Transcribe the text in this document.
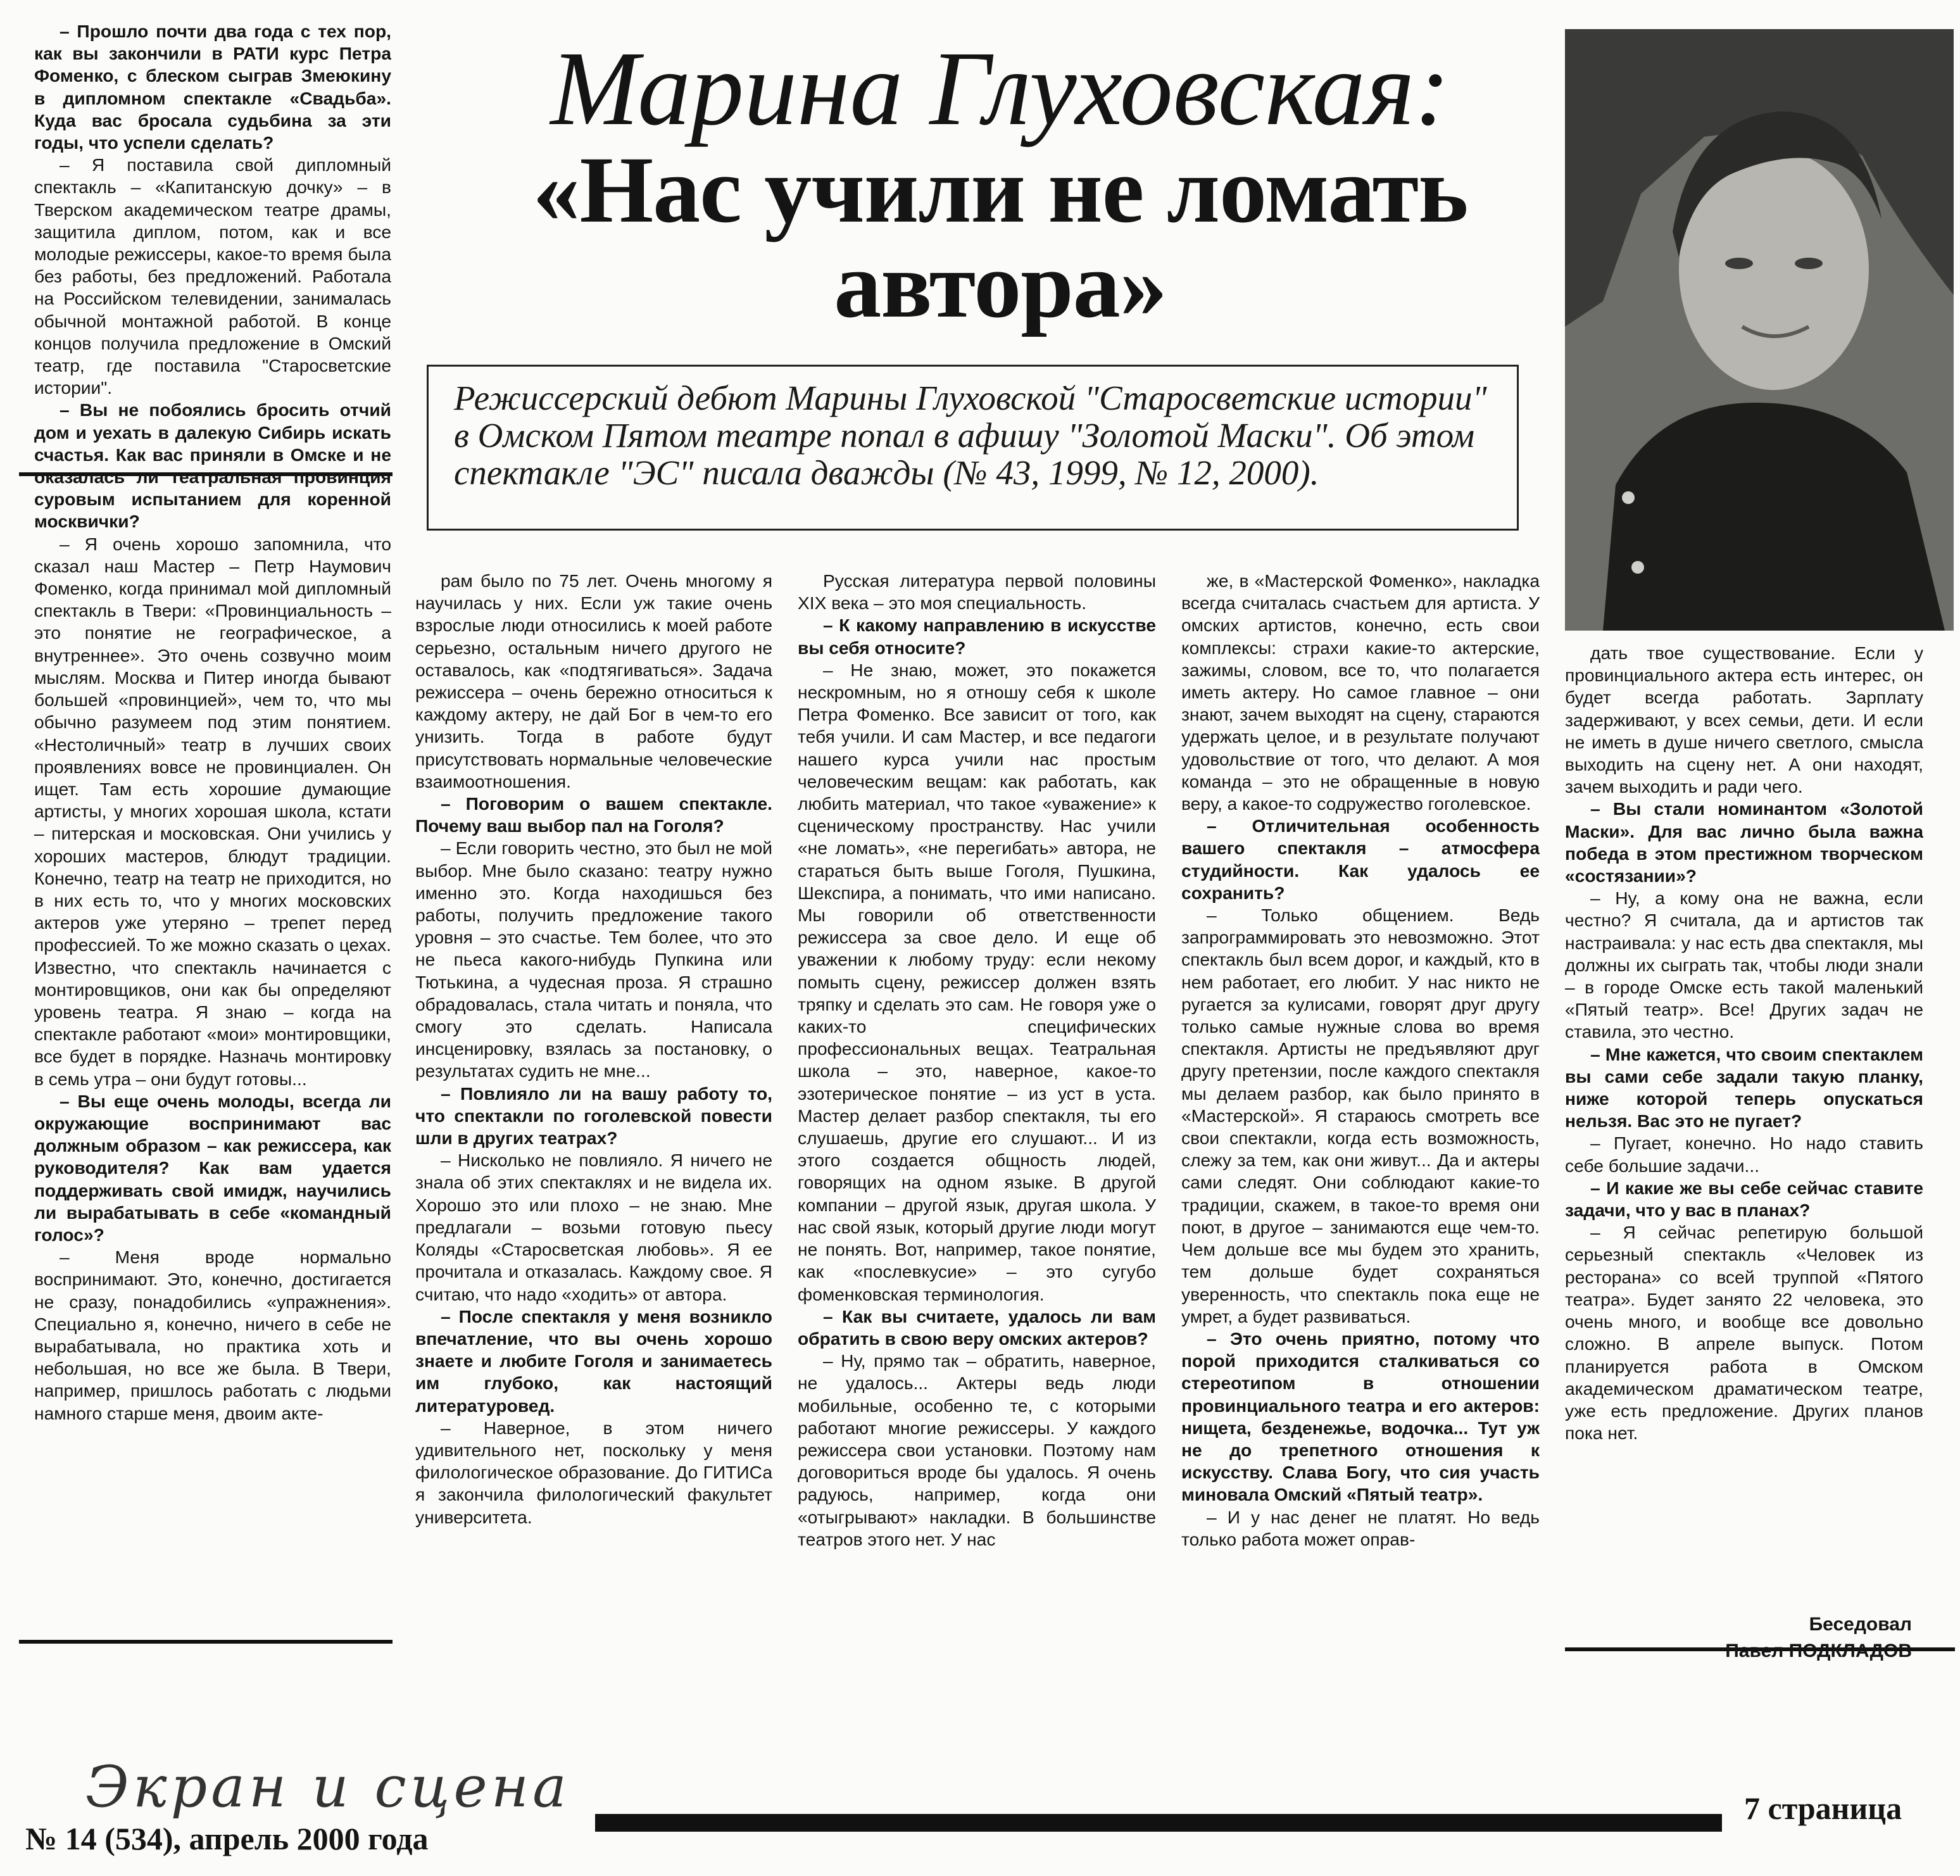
Марина Глуховская:
«Нас учили не ломать автора»
Режиссерский дебют Марины Глуховской "Старосветские истории" в Омском Пятом театре попал в афишу "Золотой Маски". Об этом спектакле "ЭС" писала дважды (№ 43, 1999, № 12, 2000).

– Прошло почти два года с тех пор, как вы закончили в РАТИ курс Петра Фоменко, с блеском сыграв Змеюкину в дипломном спектакле «Свадьба». Куда вас бросала судьбина за эти годы, что успели сделать?

– Я поставила свой дипломный спектакль – «Капитанскую дочку» – в Тверском академическом театре драмы, защитила диплом, потом, как и все молодые режиссеры, какое-то время была без работы, без предложений. Работала на Российском телевидении, занималась обычной монтажной работой. В конце концов получила предложение в Омский театр, где поставила "Старосветские истории".

– Вы не побоялись бросить отчий дом и уехать в далекую Сибирь искать счастья. Как вас приняли в Омске и не оказалась ли театральная провинция суровым испытанием для коренной москвички?

– Я очень хорошо запомнила, что сказал наш Мастер – Петр Наумович Фоменко, когда принимал мой дипломный спектакль в Твери: «Провинциальность – это понятие не географическое, а внутреннее». Это очень созвучно моим мыслям. Москва и Питер иногда бывают большей «провинцией», чем то, что мы обычно разумеем под этим понятием. «Нестоличный» театр в лучших своих проявлениях вовсе не провинциален. Он ищет. Там есть хорошие думающие артисты, у многих хорошая школа, кстати – питерская и московская. Они учились у хороших мастеров, блюдут традиции. Конечно, театр на театр не приходится, но в них есть то, что у многих московских актеров уже утеряно – трепет перед профессией. То же можно сказать о цехах. Известно, что спектакль начинается с монтировщиков, они как бы определяют уровень театра. Я знаю – когда на спектакле работают «мои» монтировщики, все будет в порядке. Назначь монтировку в семь утра – они будут готовы...

– Вы еще очень молоды, всегда ли окружающие воспринимают вас должным образом – как режиссера, как руководителя? Как вам удается поддерживать свой имидж, научились ли вырабатывать в себе «командный голос»?

– Меня вроде нормально воспринимают. Это, конечно, достигается не сразу, понадобились «упражнения». Специально я, конечно, ничего в себе не вырабатывала, но практика хоть и небольшая, но все же была. В Твери, например, пришлось работать с людьми намного старше меня, двоим акте-

рам было по 75 лет. Очень многому я научилась у них. Если уж такие очень взрослые люди относились к моей работе серьезно, остальным ничего другого не оставалось, как «подтягиваться». Задача режиссера – очень бережно относиться к каждому актеру, не дай Бог в чем-то его унизить. Тогда в работе будут присутствовать нормальные человеческие взаимоотношения.

– Поговорим о вашем спектакле. Почему ваш выбор пал на Гоголя?

– Если говорить честно, это был не мой выбор. Мне было сказано: театру нужно именно это. Когда находишься без работы, получить предложение такого уровня – это счастье. Тем более, что это не пьеса какого-нибудь Пупкина или Тютькина, а чудесная проза. Я страшно обрадовалась, стала читать и поняла, что смогу это сделать. Написала инсценировку, взялась за постановку, о результатах судить не мне...

– Повлияло ли на вашу работу то, что спектакли по гоголевской повести шли в других театрах?

– Нисколько не повлияло. Я ничего не знала об этих спектаклях и не видела их. Хорошо это или плохо – не знаю. Мне предлагали – возьми готовую пьесу Коляды «Старосветская любовь». Я ее прочитала и отказалась. Каждому свое. Я считаю, что надо «ходить» от автора.

– После спектакля у меня возникло впечатление, что вы очень хорошо знаете и любите Гоголя и занимаетесь им глубоко, как настоящий литературовед.

– Наверное, в этом ничего удивительного нет, поскольку у меня филологическое образование. До ГИТИСа я закончила филологический факультет университета.

Русская литература первой половины XIX века – это моя специальность.

– К какому направлению в искусстве вы себя относите?

– Не знаю, может, это покажется нескромным, но я отношу себя к школе Петра Фоменко. Все зависит от того, как тебя учили. И сам Мастер, и все педагоги нашего курса учили нас простым человеческим вещам: как работать, как любить материал, что такое «уважение» к сценическому пространству. Нас учили «не ломать», «не перегибать» автора, не стараться быть выше Гоголя, Пушкина, Шекспира, а понимать, что ими написано. Мы говорили об ответственности режиссера за свое дело. И еще об уважении к любому труду: если некому помыть сцену, режиссер должен взять тряпку и сделать это сам. Не говоря уже о каких-то специфических профессиональных вещах. Театральная школа – это, наверное, какое-то эзотерическое понятие – из уст в уста. Мастер делает разбор спектакля, ты его слушаешь, другие его слушают... И из этого создается общность людей, говорящих на одном языке. В другой компании – другой язык, другая школа. У нас свой язык, который другие люди могут не понять. Вот, например, такое понятие, как «послевкусие» – это сугубо фоменковская терминология.

– Как вы считаете, удалось ли вам обратить в свою веру омских актеров?

– Ну, прямо так – обратить, наверное, не удалось... Актеры ведь люди мобильные, особенно те, с которыми работают многие режиссеры. У каждого режиссера свои установки. Поэтому нам договориться вроде бы удалось. Я очень радуюсь, например, когда они «отыгрывают» накладки. В большинстве театров этого нет. У нас

же, в «Мастерской Фоменко», накладка всегда считалась счастьем для артиста. У омских артистов, конечно, есть свои комплексы: страхи какие-то актерские, зажимы, словом, все то, что полагается иметь актеру. Но самое главное – они знают, зачем выходят на сцену, стараются удержать целое, и в результате получают удовольствие от того, что делают. А моя команда – это не обращенные в новую веру, а какое-то содружество гоголевское.

– Отличительная особенность вашего спектакля – атмосфера студийности. Как удалось ее сохранить?

– Только общением. Ведь запрограммировать это невозможно. Этот спектакль был всем дорог, и каждый, кто в нем работает, его любит. У нас никто не ругается за кулисами, говорят друг другу только самые нужные слова во время спектакля. Артисты не предъявляют друг другу претензии, после каждого спектакля мы делаем разбор, как было принято в «Мастерской». Я стараюсь смотреть все свои спектакли, когда есть возможность, слежу за тем, как они живут... Да и актеры сами следят. Они соблюдают какие-то традиции, скажем, в такое-то время они поют, в другое – занимаются еще чем-то. Чем дольше все мы будем это хранить, тем дольше будет сохраняться уверенность, что спектакль пока еще не умрет, а будет развиваться.

– Это очень приятно, потому что порой приходится сталкиваться со стереотипом в отношении провинциального театра и его актеров: нищета, безденежье, водочка... Тут уж не до трепетного отношения к искусству. Слава Богу, что сия участь миновала Омский «Пятый театр».

– И у нас денег не платят. Но ведь только работа может оправ-

дать твое существование. Если у провинциального актера есть интерес, он будет всегда работать. Зарплату задерживают, у всех семьи, дети. И если не иметь в душе ничего светлого, смысла выходить на сцену нет. А они находят, зачем выходить и ради чего.

– Вы стали номинантом «Золотой Маски». Для вас лично была важна победа в этом престижном творческом «состязании»?

– Ну, а кому она не важна, если честно? Я считала, да и артистов так настраивала: у нас есть два спектакля, мы должны их сыграть так, чтобы люди знали – в городе Омске есть такой маленький «Пятый театр». Все! Других задач не ставила, это честно.

– Мне кажется, что своим спектаклем вы сами себе задали такую планку, ниже которой теперь опускаться нельзя. Вас это не пугает?

– Пугает, конечно. Но надо ставить себе большие задачи...

– И какие же вы себе сейчас ставите задачи, что у вас в планах?

– Я сейчас репетирую большой серьезный спектакль «Человек из ресторана» со всей труппой «Пятого театра». Будет занято 22 человека, это очень много, и вообще все довольно сложно. В апреле выпуск. Потом планируется работа в Омском академическом драматическом театре, уже есть предложение. Других планов пока нет.

Беседовал
Павел ПОДКЛАДОВ
Экран и сцена
№ 14 (534), апрель 2000 года
7 страница
